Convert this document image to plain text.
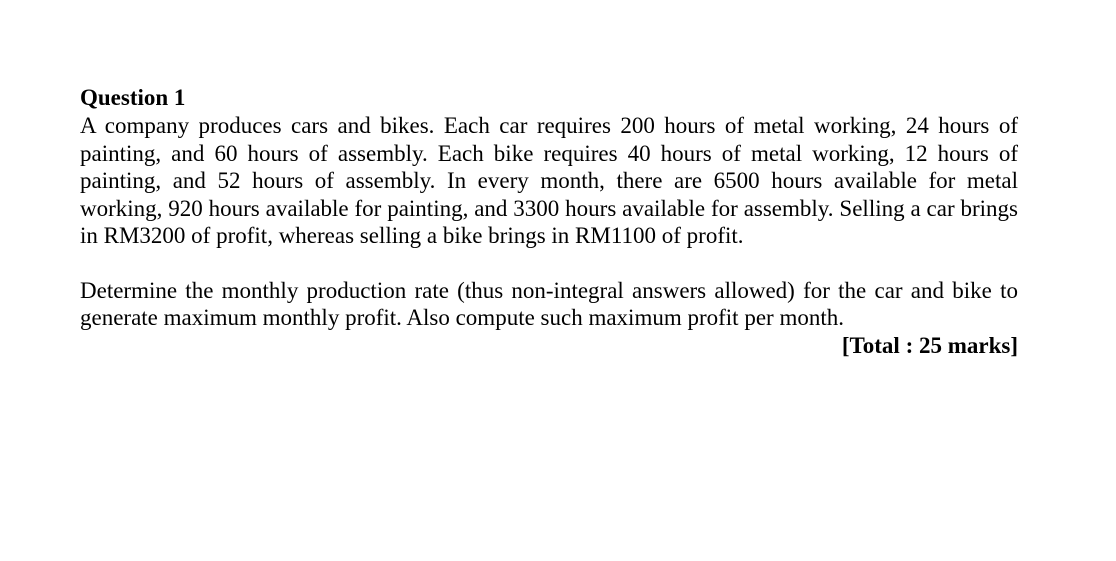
Question 1

A company produces cars and bikes. Each car requires 200 hours of metal working, 24 hours of painting, and 60 hours of assembly. Each bike requires 40 hours of metal working, 12 hours of painting, and 52 hours of assembly. In every month, there are 6500 hours available for metal working, 920 hours available for painting, and 3300 hours available for assembly. Selling a car brings in RM3200 of profit, whereas selling a bike brings in RM1100 of profit.

Determine the monthly production rate (thus non-integral answers allowed) for the car and bike to generate maximum monthly profit. Also compute such maximum profit per month.

[Total : 25 marks]
